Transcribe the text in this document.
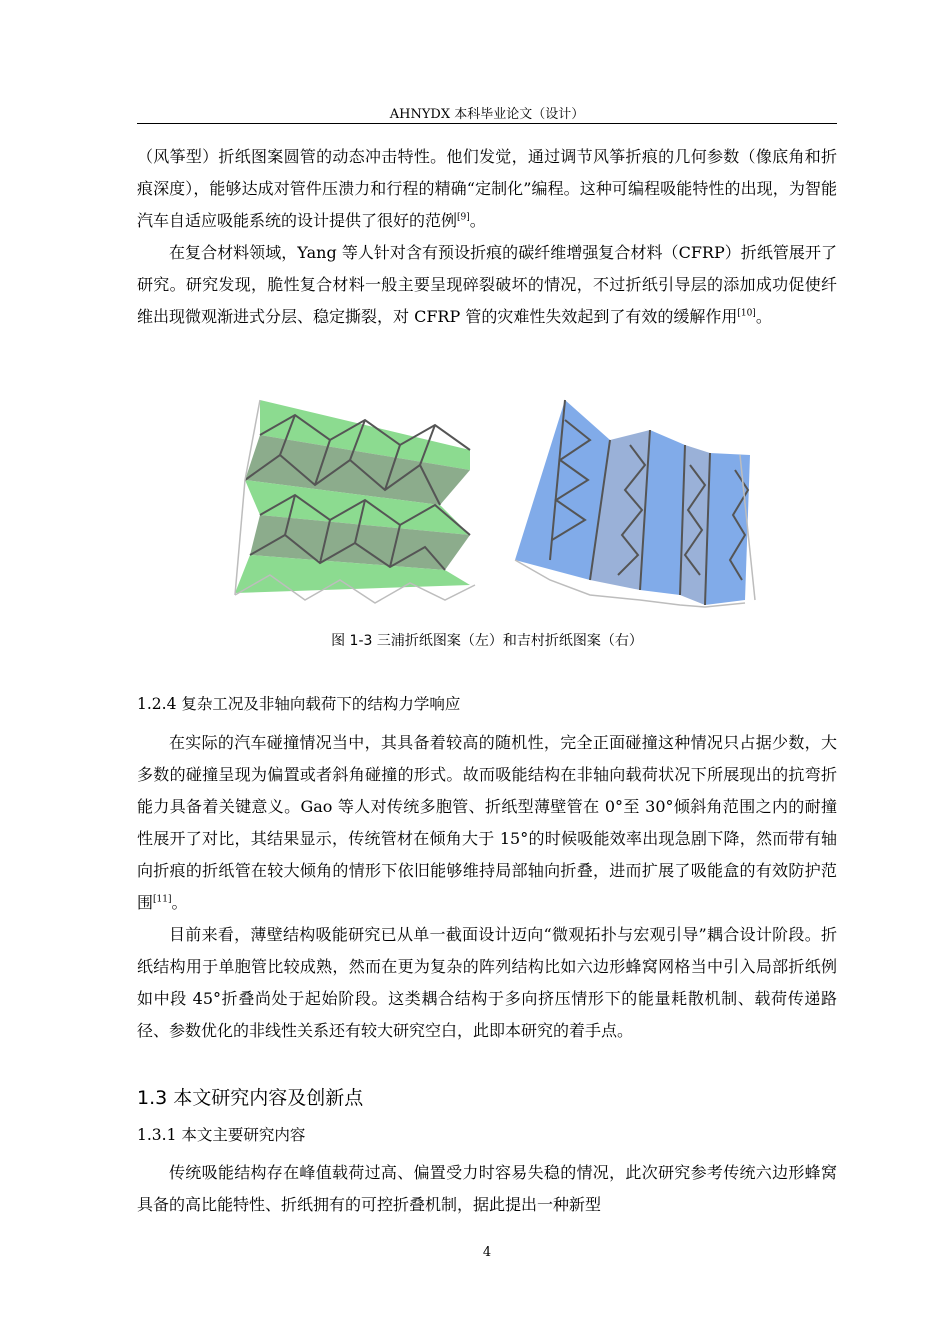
AHNYDX 本科毕业论文（设计）

（风筝型）折纸图案圆管的动态冲击特性。他们发觉，通过调节风筝折痕的几何参数（像底角和折痕深度），能够达成对管件压溃力和行程的精确“定制化”编程。这种可编程吸能特性的出现，为智能汽车自适应吸能系统的设计提供了很好的范例[9]。

在复合材料领域，Yang 等人针对含有预设折痕的碳纤维增强复合材料（CFRP）折纸管展开了研究。研究发现，脆性复合材料一般主要呈现碎裂破坏的情况，不过折纸引导层的添加成功促使纤维出现微观渐进式分层、稳定撕裂，对 CFRP 管的灾难性失效起到了有效的缓解作用[10]。

图 1-3 三浦折纸图案（左）和吉村折纸图案（右）
1.2.4 复杂工况及非轴向载荷下的结构力学响应

在实际的汽车碰撞情况当中，其具备着较高的随机性，完全正面碰撞这种情况只占据少数，大多数的碰撞呈现为偏置或者斜角碰撞的形式。故而吸能结构在非轴向载荷状况下所展现出的抗弯折能力具备着关键意义。Gao 等人对传统多胞管、折纸型薄壁管在 0°至 30°倾斜角范围之内的耐撞性展开了对比，其结果显示，传统管材在倾角大于 15°的时候吸能效率出现急剧下降，然而带有轴向折痕的折纸管在较大倾角的情形下依旧能够维持局部轴向折叠，进而扩展了吸能盒的有效防护范围[11]。

目前来看，薄壁结构吸能研究已从单一截面设计迈向“微观拓扑与宏观引导”耦合设计阶段。折纸结构用于单胞管比较成熟，然而在更为复杂的阵列结构比如六边形蜂窝网格当中引入局部折纸例如中段 45°折叠尚处于起始阶段。这类耦合结构于多向挤压情形下的能量耗散机制、载荷传递路径、参数优化的非线性关系还有较大研究空白，此即本研究的着手点。

1.3 本文研究内容及创新点
1.3.1 本文主要研究内容

传统吸能结构存在峰值载荷过高、偏置受力时容易失稳的情况，此次研究参考传统六边形蜂窝具备的高比能特性、折纸拥有的可控折叠机制，据此提出一种新型

4
